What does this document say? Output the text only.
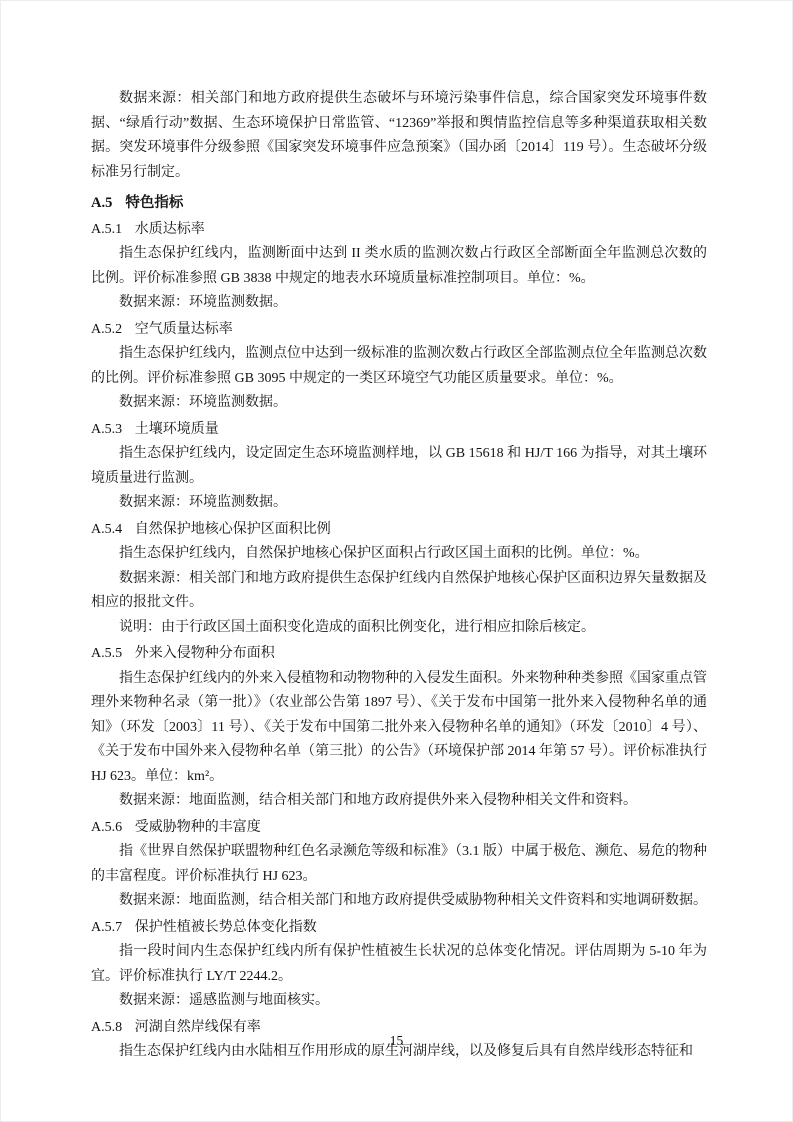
数据来源：相关部门和地方政府提供生态破坏与环境污染事件信息，综合国家突发环境事件数据、“绿盾行动”数据、生态环境保护日常监管、“12369”举报和舆情监控信息等多种渠道获取相关数据。突发环境事件分级参照《国家突发环境事件应急预案》（国办函〔2014〕119 号）。生态破坏分级标准另行制定。

A.5 特色指标
A.5.1 水质达标率

指生态保护红线内，监测断面中达到 II 类水质的监测次数占行政区全部断面全年监测总次数的比例。评价标准参照 GB 3838 中规定的地表水环境质量标准控制项目。单位：%。

数据来源：环境监测数据。

A.5.2 空气质量达标率

指生态保护红线内，监测点位中达到一级标准的监测次数占行政区全部监测点位全年监测总次数的比例。评价标准参照 GB 3095 中规定的一类区环境空气功能区质量要求。单位：%。

数据来源：环境监测数据。

A.5.3 土壤环境质量

指生态保护红线内，设定固定生态环境监测样地，以 GB 15618 和 HJ/T 166 为指导，对其土壤环境质量进行监测。

数据来源：环境监测数据。

A.5.4 自然保护地核心保护区面积比例

指生态保护红线内，自然保护地核心保护区面积占行政区国土面积的比例。单位：%。

数据来源：相关部门和地方政府提供生态保护红线内自然保护地核心保护区面积边界矢量数据及相应的报批文件。

说明：由于行政区国土面积变化造成的面积比例变化，进行相应扣除后核定。

A.5.5 外来入侵物种分布面积

指生态保护红线内的外来入侵植物和动物物种的入侵发生面积。外来物种种类参照《国家重点管理外来物种名录（第一批）》（农业部公告第 1897 号）、《关于发布中国第一批外来入侵物种名单的通知》（环发〔2003〕11 号）、《关于发布中国第二批外来入侵物种名单的通知》（环发〔2010〕4 号）、《关于发布中国外来入侵物种名单（第三批）的公告》（环境保护部 2014 年第 57 号）。评价标准执行 HJ 623。单位：km²。

数据来源：地面监测，结合相关部门和地方政府提供外来入侵物种相关文件和资料。

A.5.6 受威胁物种的丰富度

指《世界自然保护联盟物种红色名录濒危等级和标准》（3.1 版）中属于极危、濒危、易危的物种的丰富程度。评价标准执行 HJ 623。

数据来源：地面监测，结合相关部门和地方政府提供受威胁物种相关文件资料和实地调研数据。

A.5.7 保护性植被长势总体变化指数

指一段时间内生态保护红线内所有保护性植被生长状况的总体变化情况。评估周期为 5-10 年为宜。评价标准执行 LY/T 2244.2。

数据来源：遥感监测与地面核实。

A.5.8 河湖自然岸线保有率

指生态保护红线内由水陆相互作用形成的原生河湖岸线，以及修复后具有自然岸线形态特征和

15
